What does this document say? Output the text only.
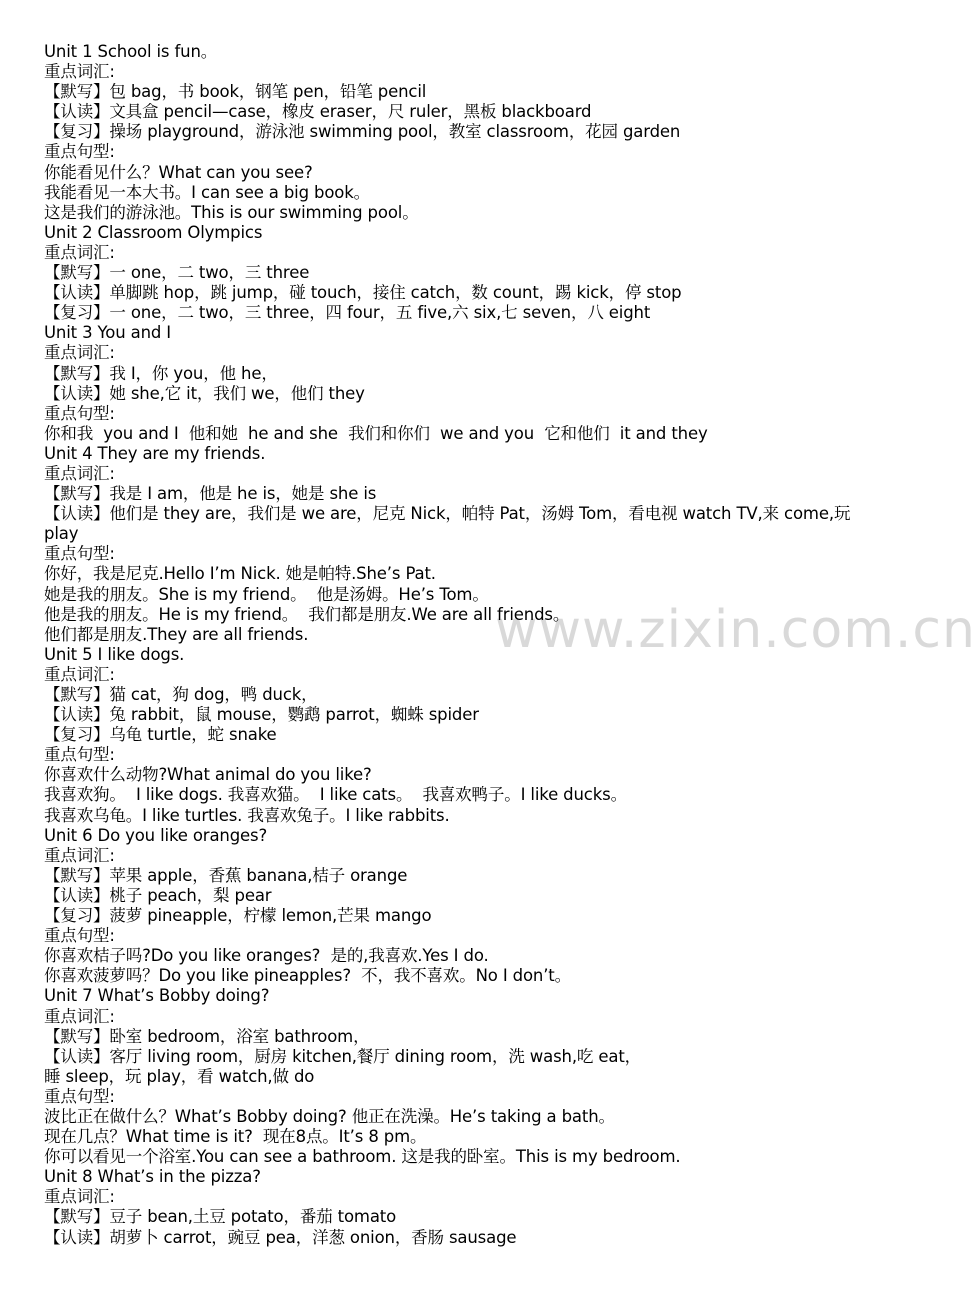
www.zixin.com.cn
Unit 1 School is fun。
重点词汇:
【默写】包 bag，书 book，钢笔 pen，铅笔 pencil
【认读】文具盒 pencil—case，橡皮 eraser，尺 ruler，黑板 blackboard
【复习】操场 playground，游泳池 swimming pool，教室 classroom，花园 garden
重点句型:
你能看见什么？What can you see?
我能看见一本大书。I can see a big book。
这是我们的游泳池。This is our swimming pool。
Unit 2 Classroom Olympics
重点词汇:
【默写】一 one，二 two，三 three
【认读】单脚跳 hop，跳 jump，碰 touch，接住 catch，数 count，踢 kick，停 stop
【复习】一 one，二 two，三 three，四 four，五 five,六 six,七 seven，八 eight
Unit 3 You and I
重点词汇:
【默写】我 I，你 you，他 he，
【认读】她 she,它 it，我们 we，他们 they
重点句型:
你和我  you and I  他和她  he and she  我们和你们  we and you  它和他们  it and they
Unit 4 They are my friends.
重点词汇:
【默写】我是 I am，他是 he is，她是 she is
【认读】他们是 they are，我们是 we are，尼克 Nick，帕特 Pat，汤姆 Tom，看电视 watch TV,来 come,玩 play
重点句型:
你好，我是尼克.Hello I’m Nick. 她是帕特.She’s Pat.
她是我的朋友。She is my friend。  他是汤姆。He’s Tom。
他是我的朋友。He is my friend。  我们都是朋友.We are all friends。
他们都是朋友.They are all friends.
Unit 5 I like dogs.
重点词汇:
【默写】猫 cat，狗 dog，鸭 duck，
【认读】兔 rabbit，鼠 mouse，鹦鹉 parrot，蜘蛛 spider
【复习】乌龟 turtle，蛇 snake
重点句型:
你喜欢什么动物?What animal do you like?
我喜欢狗。  I like dogs. 我喜欢猫。  I like cats。  我喜欢鸭子。I like ducks。
我喜欢乌龟。I like turtles. 我喜欢兔子。I like rabbits.
Unit 6 Do you like oranges?
重点词汇:
【默写】苹果 apple，香蕉 banana,桔子 orange
【认读】桃子 peach，梨 pear
【复习】菠萝 pineapple，柠檬 lemon,芒果 mango
重点句型:
你喜欢桔子吗?Do you like oranges?  是的,我喜欢.Yes I do.
你喜欢菠萝吗？Do you like pineapples?  不，我不喜欢。No I don’t。
Unit 7 What’s Bobby doing?
重点词汇:
【默写】卧室 bedroom，浴室 bathroom，
【认读】客厅 living room，厨房 kitchen,餐厅 dining room，洗 wash,吃 eat，
睡 sleep，玩 play，看 watch,做 do
重点句型:
波比正在做什么？What’s Bobby doing? 他正在洗澡。He’s taking a bath。
现在几点？What time is it?  现在8点。It’s 8 pm。
你可以看见一个浴室.You can see a bathroom. 这是我的卧室。This is my bedroom.
Unit 8 What’s in the pizza?
重点词汇:
【默写】豆子 bean,土豆 potato，番茄 tomato
【认读】胡萝卜 carrot，豌豆 pea，洋葱 onion，香肠 sausage
